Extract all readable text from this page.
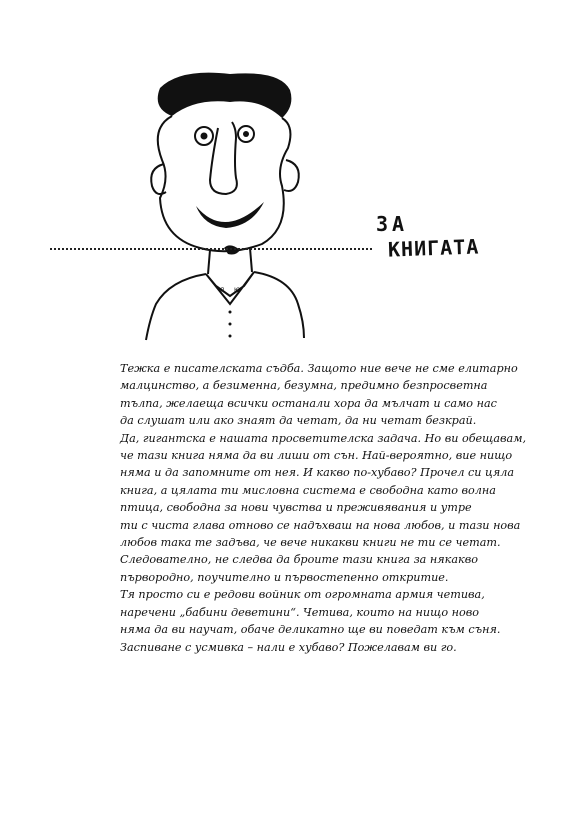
Я Ю
ЗА
КНИГАТА
Тежка е писателската съдба. Защото ние вече не сме елитарно
малцинство, а безименна, безумна, предимно безпросветна
тълпа, желаеща всички останали хора да мълчат и само нас
да слушат или ако знаят да четат, да ни четат безкрай.
Да, гигантска е нашата просветителска задача. Но ви обещавам,
че тази книга няма да ви лиши от сън. Най-вероятно, вие нищо
няма и да запомните от нея. И какво по-хубаво? Прочел си цяла
книга, а цялата ти мисловна система е свободна като волна
птица, свободна за нови чувства и преживявания и утре
ти с чиста глава отново се надъхваш на нова любов, и тази нова
любов така те задъва, че вече никакви книги не ти се четат.
Следователно, не следва да броите тази книга за някакво
първородно, поучително и първостепенно откритие.
Тя просто си е редови войник от огромната армия четива,
наречени „бабини деветини“. Четива, които на нищо ново
няма да ви научат, обаче деликатно ще ви поведат към съня.
Заспиване с усмивка – нали е хубаво? Пожелавам ви го.
